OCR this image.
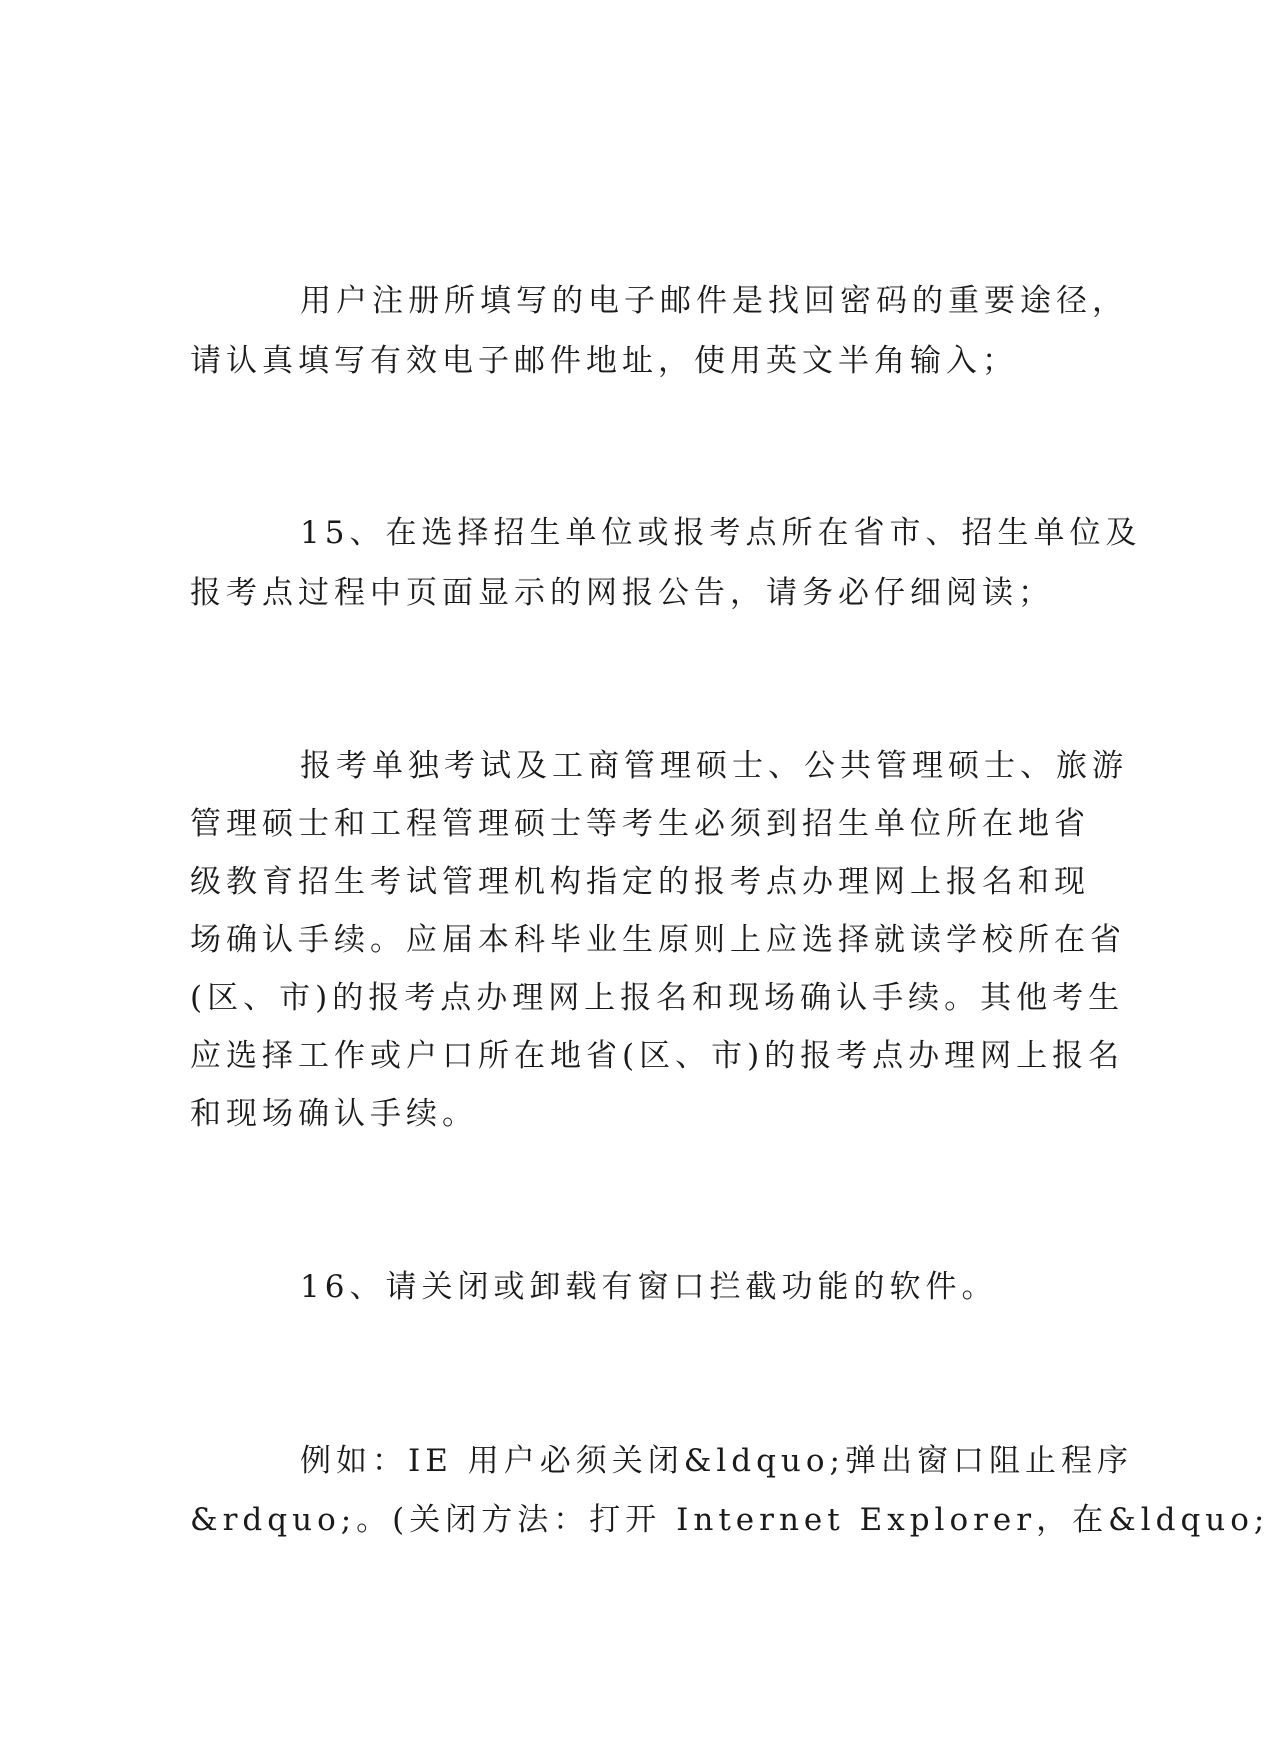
用户注册所填写的电子邮件是找回密码的重要途径，
请认真填写有效电子邮件地址，使用英文半角输入；
15、在选择招生单位或报考点所在省市、招生单位及
报考点过程中页面显示的网报公告，请务必仔细阅读；
报考单独考试及工商管理硕士、公共管理硕士、旅游
管理硕士和工程管理硕士等考生必须到招生单位所在地省
级教育招生考试管理机构指定的报考点办理网上报名和现
场确认手续。应届本科毕业生原则上应选择就读学校所在省
(区、市)的报考点办理网上报名和现场确认手续。其他考生
应选择工作或户口所在地省(区、市)的报考点办理网上报名
和现场确认手续。
16、请关闭或卸载有窗口拦截功能的软件。
例如：IE 用户必须关闭&ldquo;弹出窗口阻止程序
&rdquo;。(关闭方法：打开 Internet Explorer，在&ldquo;
